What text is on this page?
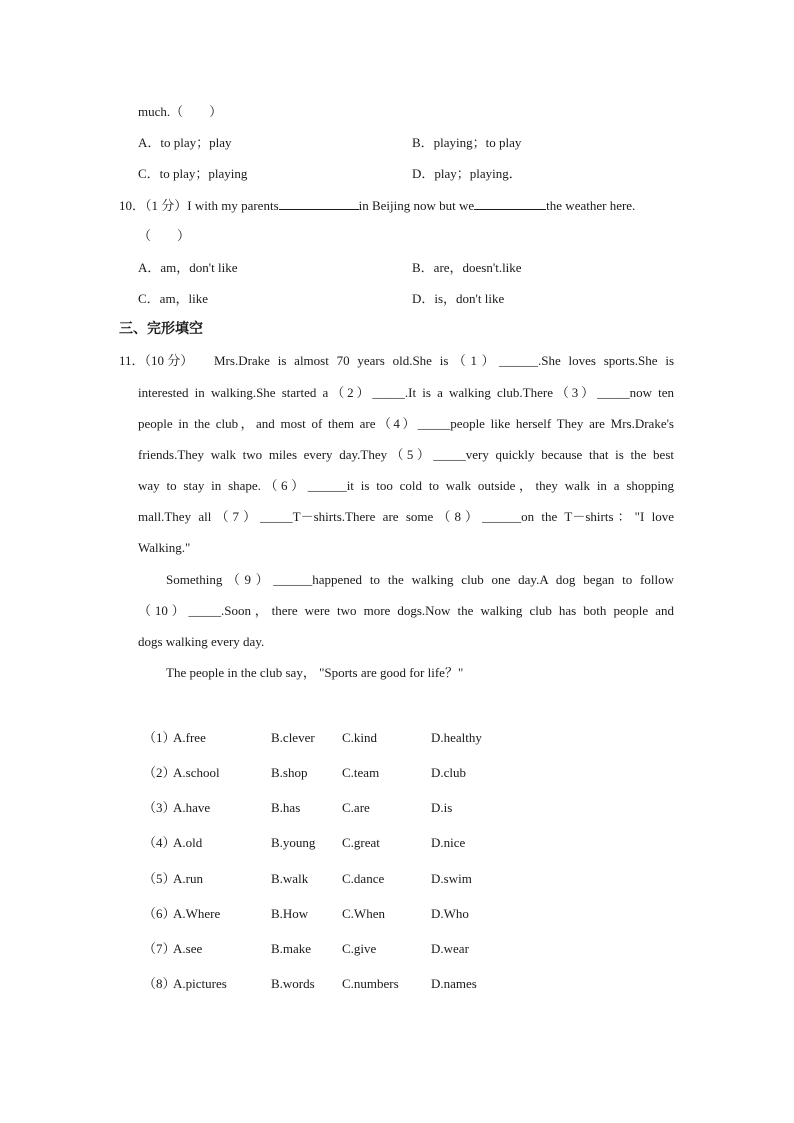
much.（　　）
A．to play；play	B．playing；to play
C．to play；playing	D．play；playing．
10．（1 分）I with my parents	in Beijing now but we	the weather here.
（　　）
A．am，don't like	B．are，doesn't.like
C．am，like	D．is，don't like
三、完形填空
11．（10 分） Mrs.Drake is almost 70 years old.She is（1）______.She loves sports.She is
interested in walking.She started a（2）_____.It is a walking club.There（3）_____now ten
people in the club，and most of them are（4）_____people like herself They are Mrs.Drake's
friends.They walk two miles every day.They（5）_____very quickly because that is the best
way to stay in shape.（6）______it is too cold to walk outside，they walk in a shopping
mall.They all（7）_____T－shirts.There are some（8）______on the T－shirts："I love
Walking."
Something（9）______happened to the walking club one day.A dog began to follow
（10）_____.Soon，there were two more dogs.Now the walking club has both people and
dogs walking every day.
The people in the club say， "Sports are good for life？"
（1）
A.free	B.clever C.kind	D.healthy
（2）
A.school	B.shop	C.team	D.club
（3）
A.have	B.has	C.are	D.is
（4）
A.old	B.young C.great	D.nice
（5）
A.run	B.walk	C.dance	D.swim
（6）
A.Where	B.How	C.When	D.Who
（7）
A.see	B.make C.give	D.wear
（8）
A.pictures	B.words C.numbers D.names
